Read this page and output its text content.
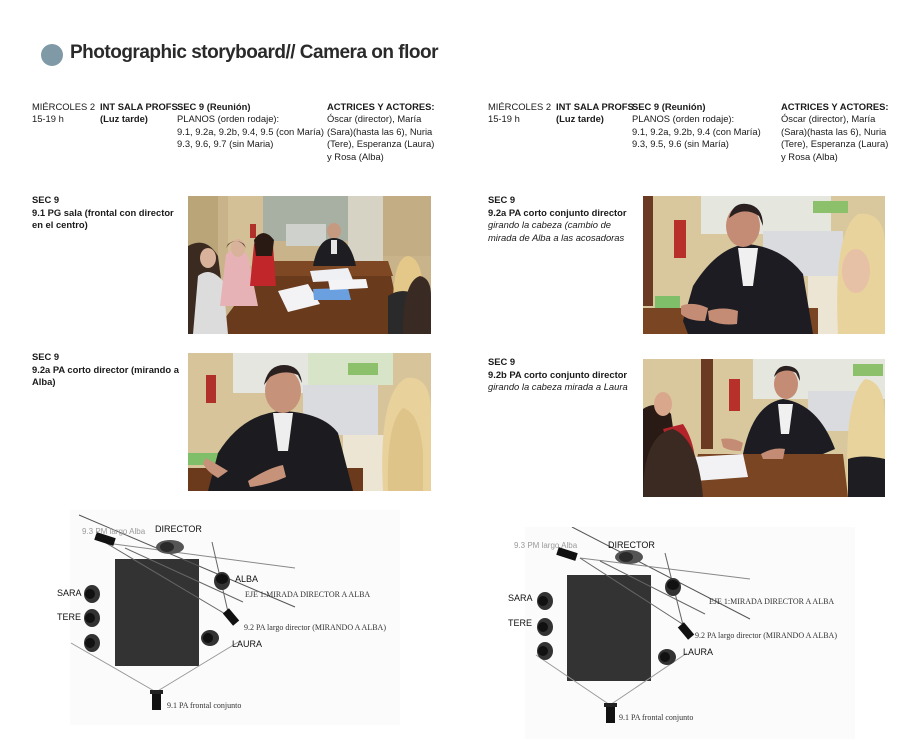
Photographic storyboard// Camera on floor
MIÉRCOLES 2
15-19 h
INT SALA PROFS
(Luz tarde)
SEC 9 (Reunión)
PLANOS (orden rodaje):
9.1, 9.2a, 9.2b, 9.4, 9.5 (con María)
9.3, 9.6, 9.7 (sin Maria)
ACTRICES Y ACTORES:
Óscar (director), María
(Sara)(hasta las 6), Nuria
(Tere), Esperanza (Laura)
y Rosa (Alba)
MIÉRCOLES 2
15-19 h
INT SALA PROFS
(Luz tarde)
SEC 9 (Reunión)
PLANOS (orden rodaje):
9.1, 9.2a, 9.2b, 9.4 (con María)
9.3, 9.5, 9.6 (sin María)
ACTRICES Y ACTORES:
Óscar (director), María
(Sara)(hasta las 6), Nuria
(Tere), Esperanza (Laura)
y Rosa (Alba)
SEC 9
9.1 PG sala (frontal con director en el centro)
SEC 9
9.2a PA corto director (mirando a Alba)
SEC 9
9.2a PA corto conjunto director girando la cabeza (cambio de mirada de Alba a las acosadoras
SEC 9
9.2b PA corto conjunto director
girando la cabeza mirada a Laura
9.3 PM largo Alba DIRECTOR
ALBA
EJE 1:MIRADA DIRECTOR A ALBA
SARA
TERE
9.2 PA largo director (MIRANDO A ALBA)
LAURA
9.1 PA frontal conjunto
9.3 PM largo Alba	DIRECTOR
EJE 1:MIRADA DIRECTOR A ALBA
SARA
TERE
9.2 PA largo director (MIRANDO A ALBA)
LAURA
9.1 PA frontal conjunto
